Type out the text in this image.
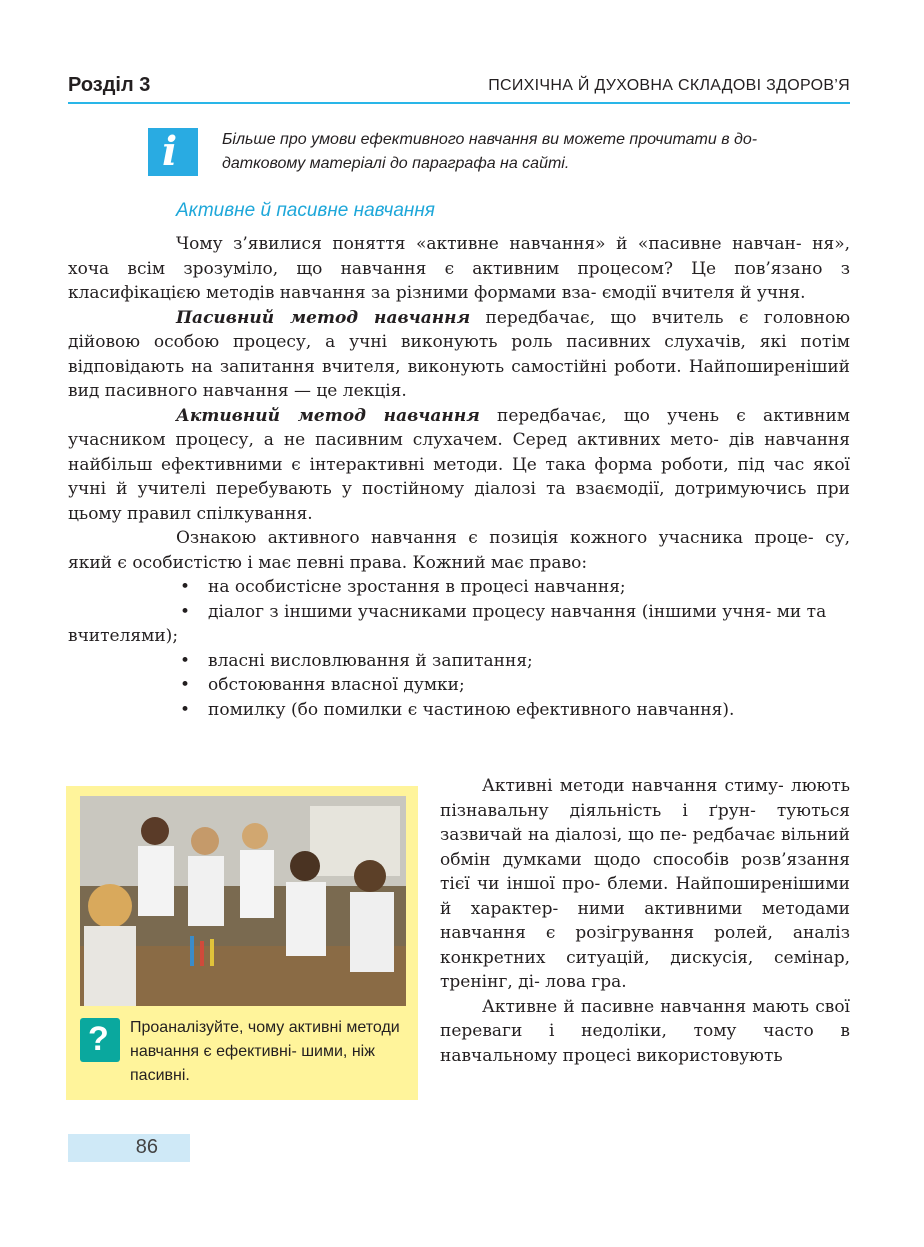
Розділ 3	ПСИХІЧНА Й ДУХОВНА СКЛАДОВІ ЗДОРОВ’Я
i	Більше про умови ефективного навчання ви можете прочитати в до-
датковому матеріалі до параграфа на сайті.
Активне й пасивне навчання

Чому з’явилися поняття «активне навчання» й «пасивне навчан- ня», хоча всім зрозуміло, що навчання є активним процесом? Це пов’язано з класифікацією методів навчання за різними формами вза- ємодії вчителя й учня.

Пасивний метод навчання передбачає, що вчитель є головною дійовою особою процесу, а учні виконують роль пасивних слухачів, які потім відповідають на запитання вчителя, виконують самостійні роботи. Найпоширеніший вид пасивного навчання — це лекція.

Активний метод навчання передбачає, що учень є активним учасником процесу, а не пасивним слухачем. Серед активних мето- дів навчання найбільш ефективними є інтерактивні методи. Це така форма роботи, під час якої учні й учителі перебувають у постійному діалозі та взаємодії, дотримуючись при цьому правил спілкування.

Ознакою активного навчання є позиція кожного учасника проце- су, який є особистістю і має певні права. Кожний має право:

• на особистісне зростання в процесі навчання;
• діалог з іншими учасниками процесу навчання (іншими учня- ми та вчителями);
• власні висловлювання й запитання;
• обстоювання власної думки;
• помилку (бо помилки є частиною ефективного навчання).
? Проаналізуйте, чому активні методи навчання є ефективні- шими, ніж пасивні.

Активні методи навчання стиму- люють пізнавальну діяльність і ґрун- туються зазвичай на діалозі, що пе- редбачає вільний обмін думками щодо способів розв’язання тієї чи іншої про- блеми. Найпоширенішими й характер- ними активними методами навчання є розігрування ролей, аналіз конкретних ситуацій, дискусія, семінар, тренінг, ді- лова гра.

Активне й пасивне навчання мають свої переваги і недоліки, тому часто в навчальному процесі використовують

86
